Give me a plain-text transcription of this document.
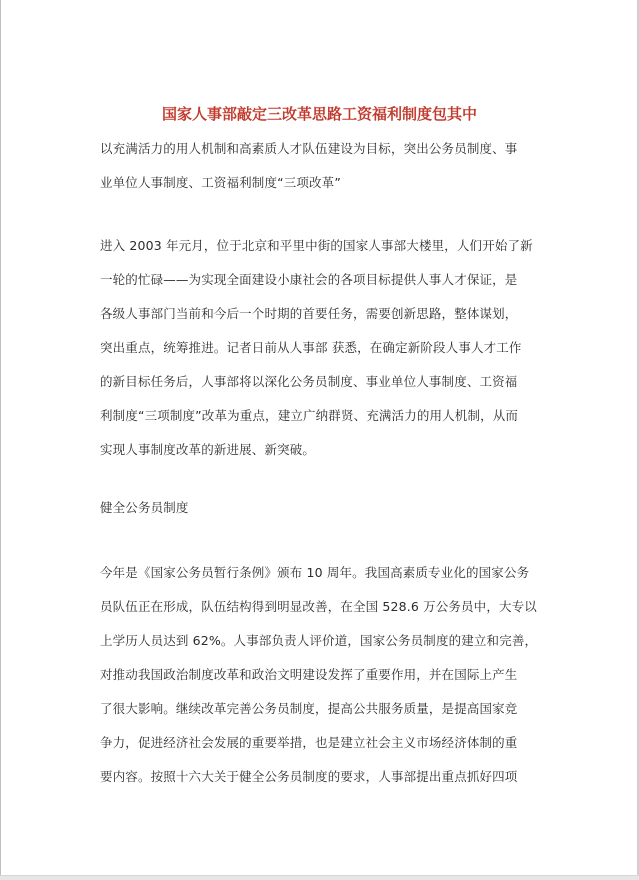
国家人事部敲定三改革思路工资福利制度包其中

以充满活力的用人机制和高素质人才队伍建设为目标，突出公务员制度、事
业单位人事制度、工资福利制度“三项改革”

进入 2003 年元月，位于北京和平里中街的国家人事部大楼里，人们开始了新
一轮的忙碌——为实现全面建设小康社会的各项目标提供人事人才保证，是
各级人事部门当前和今后一个时期的首要任务，需要创新思路，整体谋划，
突出重点，统筹推进。记者日前从人事部 获悉，在确定新阶段人事人才工作
的新目标任务后，人事部将以深化公务员制度、事业单位人事制度、工资福
利制度“三项制度”改革为重点，建立广纳群贤、充满活力的用人机制，从而
实现人事制度改革的新进展、新突破。

健全公务员制度

今年是《国家公务员暂行条例》颁布 10 周年。我国高素质专业化的国家公务
员队伍正在形成，队伍结构得到明显改善，在全国 528.6 万公务员中，大专以
上学历人员达到 62%。人事部负责人评价道，国家公务员制度的建立和完善，
对推动我国政治制度改革和政治文明建设发挥了重要作用，并在国际上产生
了很大影响。继续改革完善公务员制度，提高公共服务质量，是提高国家竞
争力，促进经济社会发展的重要举措，也是建立社会主义市场经济体制的重
要内容。按照十六大关于健全公务员制度的要求，人事部提出重点抓好四项
